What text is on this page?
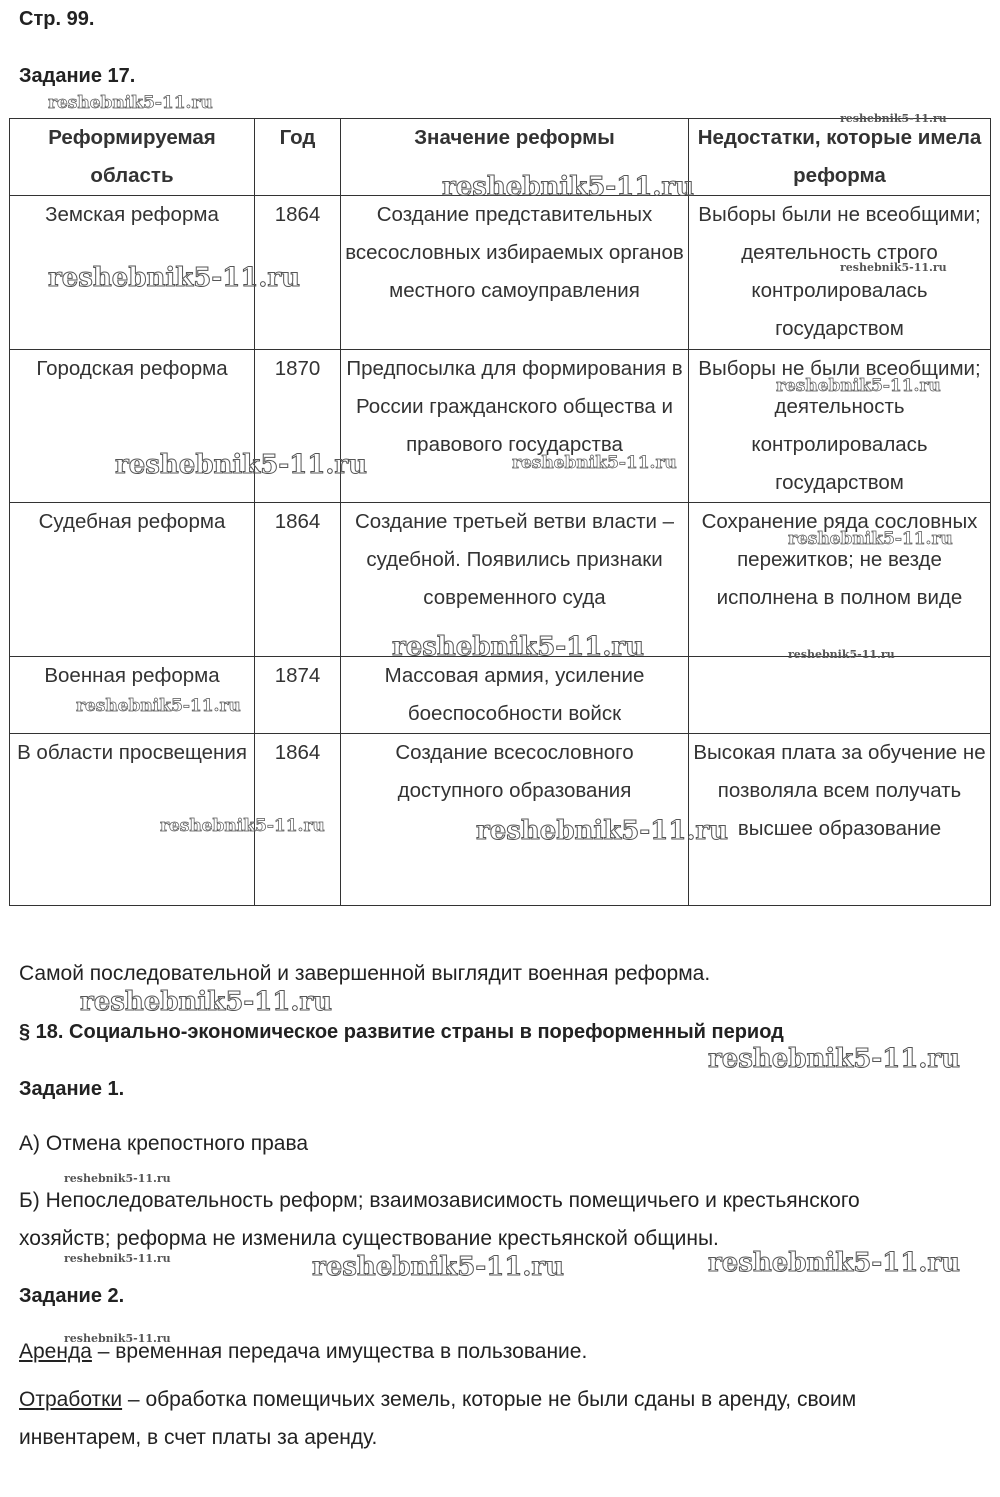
Стр. 99.
Задание 17.
Реформируемая область	Год	Значение реформы	Недостатки, которые имела реформа
Земская реформа	1864	Создание представительных всесословных избираемых органов местного самоуправления	Выборы были не всеобщими; деятельность строго контролировалась государством
Городская реформа	1870	Предпосылка для формирования в России гражданского общества и правового государства	Выборы не были всеобщими; деятельность контролировалась государством
Судебная реформа	1864	Создание третьей ветви власти – судебной. Появились признаки современного суда	Сохранение ряда сословных пережитков; не везде исполнена в полном виде
Военная реформа	1874	Массовая армия, усиление боеспособности войск	
В области просвещения	1864	Создание всесословного доступного образования	Высокая плата за обучение не позволяла всем получать высшее образование
Самой последовательной и завершенной выглядит военная реформа.
§ 18. Социально-экономическое развитие страны в пореформенный период
Задание 1.
А) Отмена крепостного права
Б) Непоследовательность реформ; взаимозависимость помещичьего и крестьянского хозяйств; реформа не изменила существование крестьянской общины.
Задание 2.
Аренда – временная передача имущества в пользование.
Отработки – обработка помещичьих земель, которые не были сданы в аренду, своим инвентарем, в счет платы за аренду.
reshebnik5-11.ru
reshebnik5-11.ru
reshebnik5-11.ru
reshebnik5-11.ru	reshebnik5-11.ru
reshebnik5-11.ru
reshebnik5-11.ru	reshebnik5-11.ru
reshebnik5-11.ru
reshebnik5-11.ru	reshebnik5-11.ru
reshebnik5-11.ru
reshebnik5-11.ru	reshebnik5-11.ru
reshebnik5-11.ru
reshebnik5-11.ru
reshebnik5-11.ru
reshebnik5-11.ru	reshebnik5-11.ru	reshebnik5-11.ru
reshebnik5-11.ru
